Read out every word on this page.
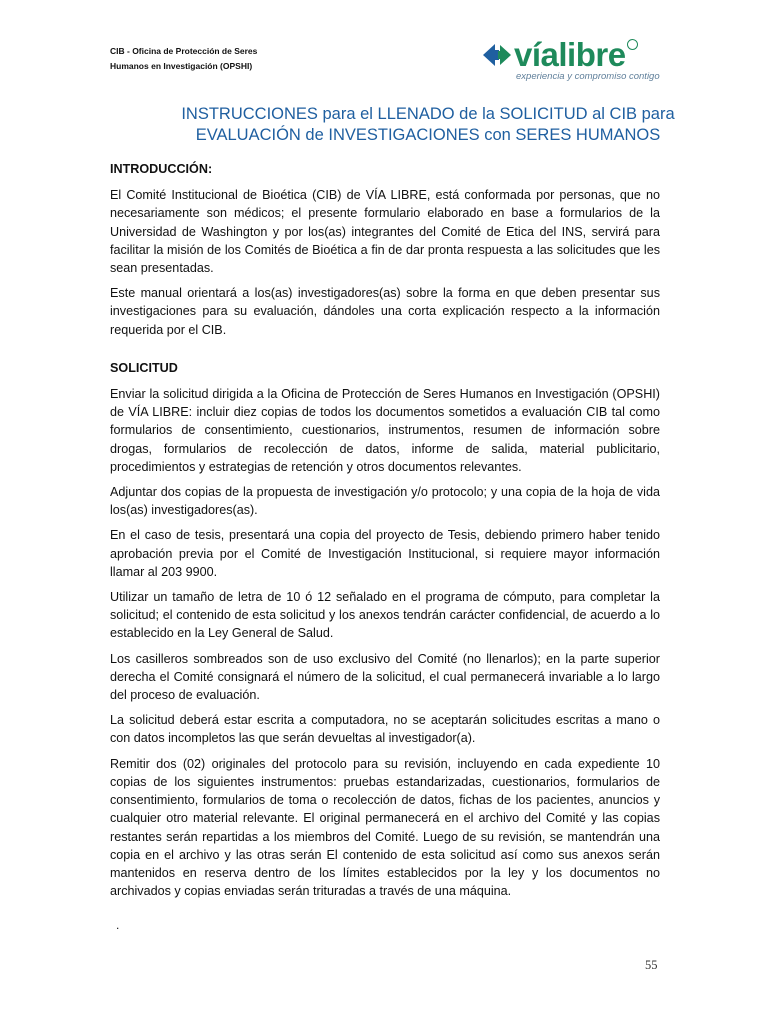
CIB - Oficina de Protección de Seres
Humanos en Investigación (OPSHI)	víalibre
experiencia y compromiso contigo
INSTRUCCIONES para el LLENADO de la SOLICITUD al CIB para
EVALUACIÓN de INVESTIGACIONES con SERES HUMANOS
INTRODUCCIÓN:

El Comité Institucional de Bioética (CIB) de VÍA LIBRE, está conformada por personas, que no necesariamente son médicos; el presente formulario elaborado en base a formularios de la Universidad de Washington y por los(as) integrantes del Comité de Etica del INS, servirá para facilitar la misión de los Comités de Bioética a fin de dar pronta respuesta a las solicitudes que les sean presentadas.

Este manual orientará a los(as) investigadores(as) sobre la forma en que deben presentar sus investigaciones para su evaluación, dándoles una corta explicación respecto a la información requerida por el CIB.

SOLICITUD

Enviar la solicitud dirigida a la Oficina de Protección de Seres Humanos en Investigación (OPSHI) de VÍA LIBRE: incluir diez copias de todos los documentos sometidos a evaluación CIB tal como formularios de consentimiento, cuestionarios, instrumentos, resumen de información sobre drogas, formularios de recolección de datos, informe de salida, material publicitario, procedimientos y estrategias de retención y otros documentos relevantes.

Adjuntar dos copias de la propuesta de investigación y/o protocolo; y una copia de la hoja de vida los(as) investigadores(as).

En el caso de tesis, presentará una copia del proyecto de Tesis, debiendo primero haber tenido aprobación previa por el Comité de Investigación Institucional, si requiere mayor información llamar al 203 9900.

Utilizar un tamaño de letra de 10 ó 12 señalado en el programa de cómputo, para completar la solicitud; el contenido de esta solicitud y los anexos tendrán carácter confidencial, de acuerdo a lo establecido en la Ley General de Salud.

Los casilleros sombreados son de uso exclusivo del Comité (no llenarlos); en la parte superior derecha el Comité consignará el número de la solicitud, el cual permanecerá invariable a lo largo del proceso de evaluación.

La solicitud deberá estar escrita a computadora, no se aceptarán solicitudes escritas a mano o con datos incompletos las que serán devueltas al investigador(a).

Remitir dos (02) originales del protocolo para su revisión, incluyendo en cada expediente 10 copias de los siguientes instrumentos: pruebas estandarizadas, cuestionarios, formularios de consentimiento, formularios de toma o recolección de datos, fichas de los pacientes, anuncios y cualquier otro material relevante. El original permanecerá en el archivo del Comité y las copias restantes serán repartidas a los miembros del Comité. Luego de su revisión, se mantendrán una copia en el archivo y las otras serán El contenido de esta solicitud así como sus anexos serán mantenidos en reserva dentro de los límites establecidos por la ley y los documentos no archivados y copias enviadas serán trituradas a través de una máquina.

.
55
